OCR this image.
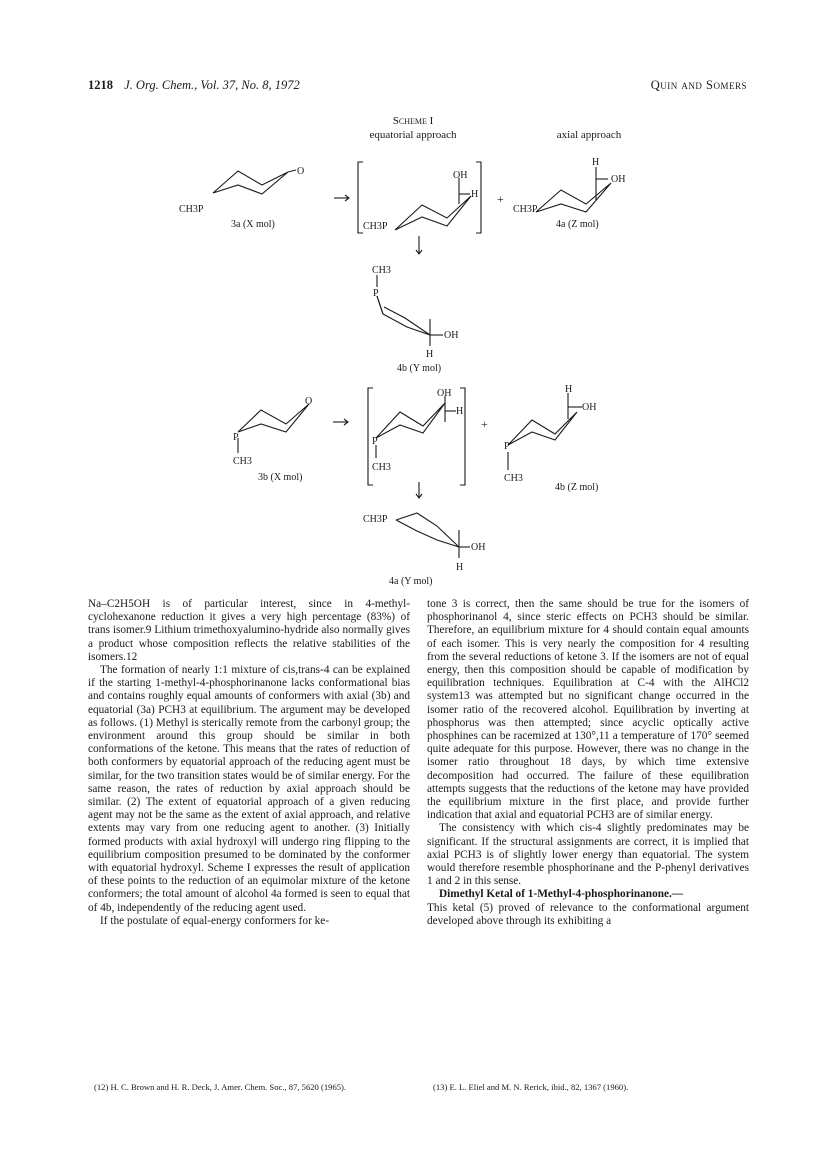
1218 J. Org. Chem., Vol. 37, No. 8, 1972	Quin and Somers
Scheme I
equatorial approach	axial approach
CH3P
O
3a (X mol)
OH
H
CH3P
+
H
OH
CH3P
4a (Z mol)
CH3
P
OH
H
4b (Y mol)
P
CH3
O
3b (X mol)
OH
H
P
CH3
+
H
OH
P
CH3
4b (Z mol)
CH3P
OH
H
4a (Y mol)

Na–C2H5OH is of particular interest, since in 4-methyl-cyclohexanone reduction it gives a very high percentage (83%) of trans isomer.9 Lithium trimethoxyalumino-hydride also normally gives a product whose composition reflects the relative stabilities of the isomers.12

The formation of nearly 1:1 mixture of cis,trans-4 can be explained if the starting 1-methyl-4-phosphorinanone lacks conformational bias and contains roughly equal amounts of conformers with axial (3b) and equatorial (3a) PCH3 at equilibrium. The argument may be developed as follows. (1) Methyl is sterically remote from the carbonyl group; the environment around this group should be similar in both conformations of the ketone. This means that the rates of reduction of both conformers by equatorial approach of the reducing agent must be similar, for the two transition states would be of similar energy. For the same reason, the rates of reduction by axial approach should be similar. (2) The extent of equatorial approach of a given reducing agent may not be the same as the extent of axial approach, and relative extents may vary from one reducing agent to another. (3) Initially formed products with axial hydroxyl will undergo ring flipping to the equilibrium composition presumed to be dominated by the conformer with equatorial hydroxyl. Scheme I expresses the result of application of these points to the reduction of an equimolar mixture of the ketone conformers; the total amount of alcohol 4a formed is seen to equal that of 4b, independently of the reducing agent used.

If the postulate of equal-energy conformers for ke-

tone 3 is correct, then the same should be true for the isomers of phosphorinanol 4, since steric effects on PCH3 should be similar. Therefore, an equilibrium mixture for 4 should contain equal amounts of each isomer. This is very nearly the composition for 4 resulting from the several reductions of ketone 3. If the isomers are not of equal energy, then this composition should be capable of modification by equilibration techniques. Equilibration at C-4 with the AlHCl2 system13 was attempted but no significant change occurred in the isomer ratio of the recovered alcohol. Equilibration by inverting at phosphorus was then attempted; since acyclic optically active phosphines can be racemized at 130°,11 a temperature of 170° seemed quite adequate for this purpose. However, there was no change in the isomer ratio throughout 18 days, by which time extensive decomposition had occurred. The failure of these equilibration attempts suggests that the reductions of the ketone may have provided the equilibrium mixture in the first place, and provide further indication that axial and equatorial PCH3 are of similar energy.

The consistency with which cis-4 slightly predominates may be significant. If the structural assignments are correct, it is implied that axial PCH3 is of slightly lower energy than equatorial. The system would therefore resemble phosphorinane and the P-phenyl derivatives 1 and 2 in this sense.

Dimethyl Ketal of 1-Methyl-4-phosphorinanone.—

This ketal (5) proved of relevance to the conformational argument developed above through its exhibiting a

(12) H. C. Brown and H. R. Deck, J. Amer. Chem. Soc., 87, 5620 (1965).	(13) E. L. Eliel and M. N. Rerick, ibid., 82, 1367 (1960).
